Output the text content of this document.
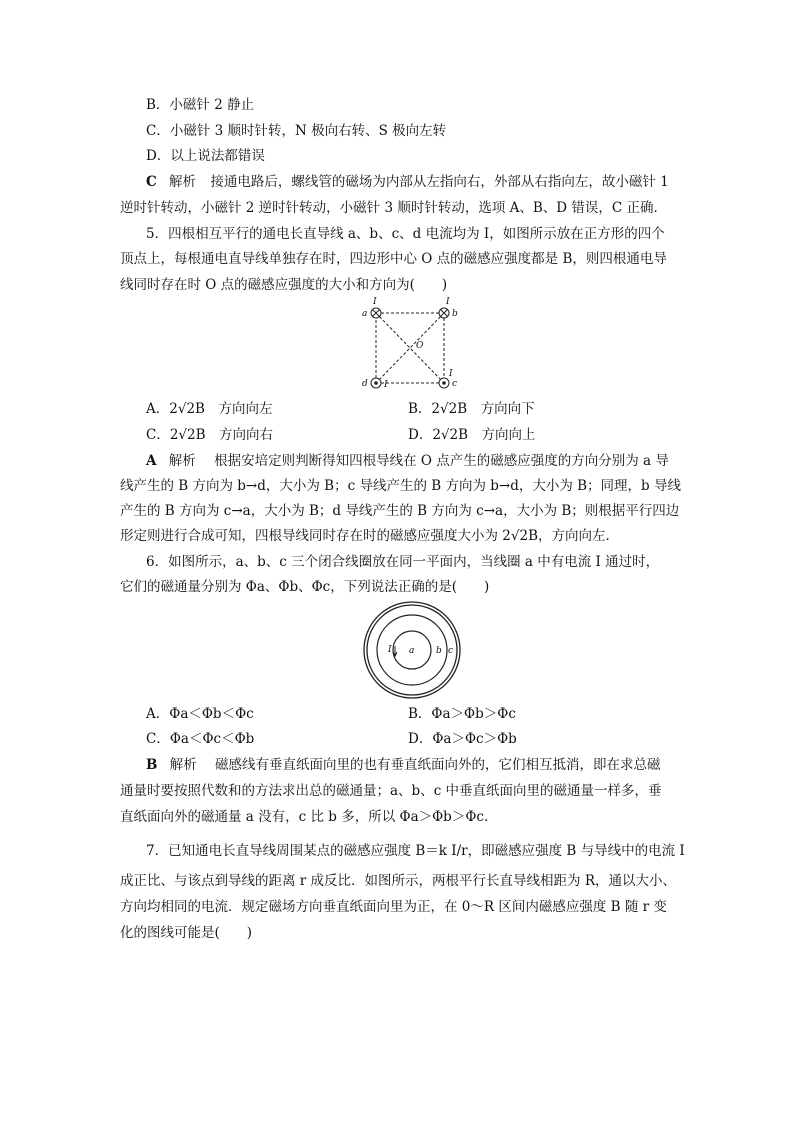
B．小磁针 2 静止
C．小磁针 3 顺时针转，N 极向右转、S 极向左转
D．以上说法都错误
C 解析 接通电路后，螺线管的磁场为内部从左指向右，外部从右指向左，故小磁针 1
逆时针转动，小磁针 2 逆时针转动，小磁针 3 顺时针转动，选项 A、B、D 错误，C 正确．
5．四根相互平行的通电长直导线 a、b、c、d 电流均为 I，如图所示放在正方形的四个
顶点上，每根通电直导线单独存在时，四边形中心 O 点的磁感应强度都是 B，则四根通电导
线同时存在时 O 点的磁感应强度的大小和方向为(　　)
a	b
c
d
I	I
I
I
O
A．2√2B　方向向左	B．2√2B　方向向下
C．2√2B　方向向右	D．2√2B　方向向上
A 解析 根据安培定则判断得知四根导线在 O 点产生的磁感应强度的方向分别为 a 导
线产生的 B 方向为 b→d，大小为 B；c 导线产生的 B 方向为 b→d，大小为 B；同理，b 导线
产生的 B 方向为 c→a，大小为 B；d 导线产生的 B 方向为 c→a，大小为 B；则根据平行四边
形定则进行合成可知，四根导线同时存在时的磁感应强度大小为 2√2B，方向向左．
6．如图所示，a、b、c 三个闭合线圈放在同一平面内，当线圈 a 中有电流 I 通过时，
它们的磁通量分别为 Φa、Φb、Φc，下列说法正确的是(　　)
I a b c
A．Φa＜Φb＜Φc	B．Φa＞Φb＞Φc
C．Φa＜Φc＜Φb	D．Φa＞Φc＞Φb
B 解析 磁感线有垂直纸面向里的也有垂直纸面向外的，它们相互抵消，即在求总磁
通量时要按照代数和的方法求出总的磁通量；a、b、c 中垂直纸面向里的磁通量一样多，垂
直纸面向外的磁通量 a 没有，c 比 b 多，所以 Φa＞Φb＞Φc.
7．已知通电长直导线周围某点的磁感应强度 B＝k I/r，即磁感应强度 B 与导线中的电流 I
成正比、与该点到导线的距离 r 成反比．如图所示，两根平行长直导线相距为 R，通以大小、
方向均相同的电流．规定磁场方向垂直纸面向里为正，在 0～R 区间内磁感应强度 B 随 r 变
化的图线可能是(　　)
